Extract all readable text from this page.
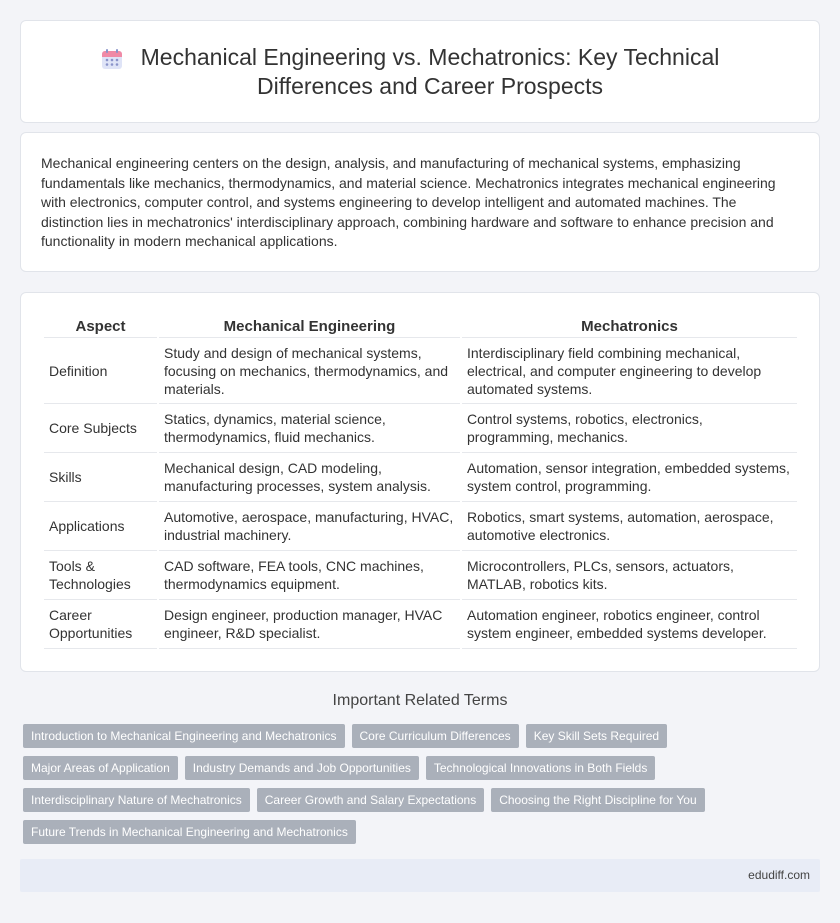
Mechanical Engineering vs. Mechatronics: Key Technical Differences and Career Prospects

Mechanical engineering centers on the design, analysis, and manufacturing of mechanical systems, emphasizing fundamentals like mechanics, thermodynamics, and material science. Mechatronics integrates mechanical engineering with electronics, computer control, and systems engineering to develop intelligent and automated machines. The distinction lies in mechatronics' interdisciplinary approach, combining hardware and software to enhance precision and functionality in modern mechanical applications.

Aspect	Mechanical Engineering	Mechatronics
Definition	Study and design of mechanical systems, focusing on mechanics, thermodynamics, and materials.	Interdisciplinary field combining mechanical, electrical, and computer engineering to develop automated systems.
Core Subjects	Statics, dynamics, material science, thermodynamics, fluid mechanics.	Control systems, robotics, electronics, programming, mechanics.
Skills	Mechanical design, CAD modeling, manufacturing processes, system analysis.	Automation, sensor integration, embedded systems, system control, programming.
Applications	Automotive, aerospace, manufacturing, HVAC, industrial machinery.	Robotics, smart systems, automation, aerospace, automotive electronics.
Tools & Technologies	CAD software, FEA tools, CNC machines, thermodynamics equipment.	Microcontrollers, PLCs, sensors, actuators, MATLAB, robotics kits.
Career Opportunities	Design engineer, production manager, HVAC engineer, R&D specialist.	Automation engineer, robotics engineer, control system engineer, embedded systems developer.
Important Related Terms
Introduction to Mechanical Engineering and Mechatronics	Core Curriculum Differences	Key Skill Sets Required
Major Areas of Application	Industry Demands and Job Opportunities	Technological Innovations in Both Fields
Interdisciplinary Nature of Mechatronics	Career Growth and Salary Expectations	Choosing the Right Discipline for You
Future Trends in Mechanical Engineering and Mechatronics
edudiff.com
